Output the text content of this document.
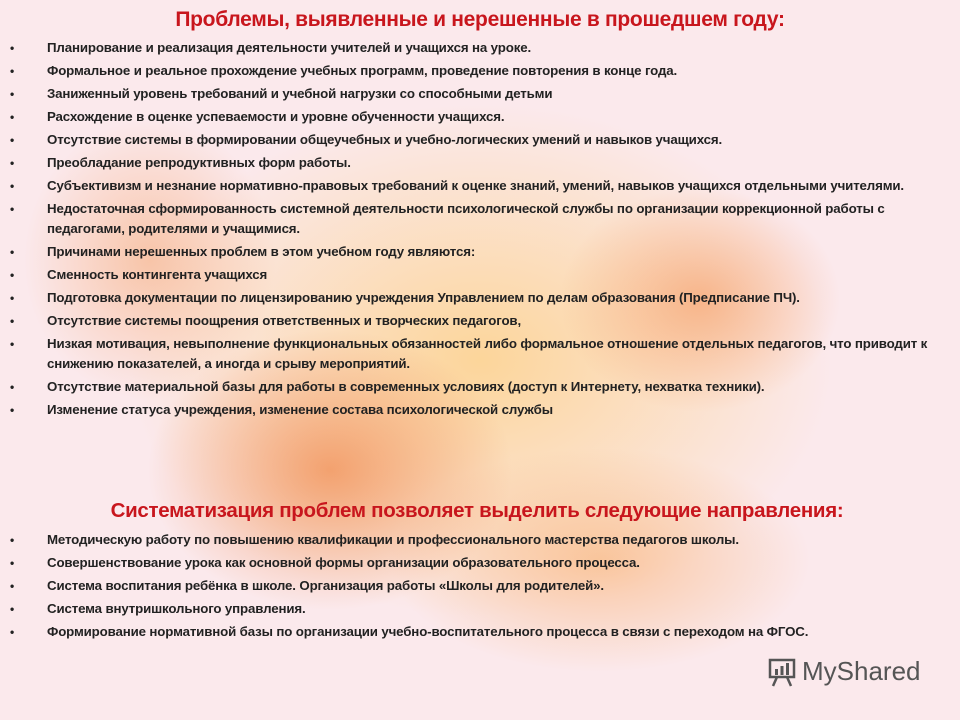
Проблемы, выявленные и нерешенные в прошедшем году:
• Планирование и реализация деятельности учителей и учащихся на уроке.
• Формальное и реальное прохождение учебных программ, проведение повторения в конце года.
• Заниженный уровень требований и учебной нагрузки со способными детьми
• Расхождение в оценке успеваемости и уровне обученности учащихся.
• Отсутствие системы в формировании общеучебных и учебно-логических умений и навыков учащихся.
• Преобладание репродуктивных форм работы.
• Субъективизм и незнание нормативно-правовых требований к оценке знаний, умений, навыков учащихся отдельными учителями.
• Недостаточная сформированность системной деятельности психологической службы по организации коррекционной работы с педагогами, родителями и учащимися.
• Причинами нерешенных проблем в этом учебном году являются:
• Сменность контингента учащихся
• Подготовка документации по лицензированию учреждения Управлением по делам образования (Предписание ПЧ).
• Отсутствие системы поощрения ответственных и творческих педагогов,
• Низкая мотивация, невыполнение функциональных обязанностей либо формальное отношение отдельных педагогов, что приводит к снижению показателей, а иногда и срыву мероприятий.
• Отсутствие материальной базы для работы в современных условиях (доступ к Интернету, нехватка техники).
• Изменение статуса учреждения, изменение состава психологической службы
Систематизация проблем позволяет выделить следующие направления:
• Методическую работу по повышению квалификации и профессионального мастерства педагогов школы.
• Совершенствование урока как основной формы организации образовательного процесса.
• Система воспитания ребёнка в школе. Организация работы «Школы для родителей».
• Система внутришкольного управления.
• Формирование нормативной базы по организации учебно-воспитательного процесса в связи с переходом на ФГОС.
MyShared
